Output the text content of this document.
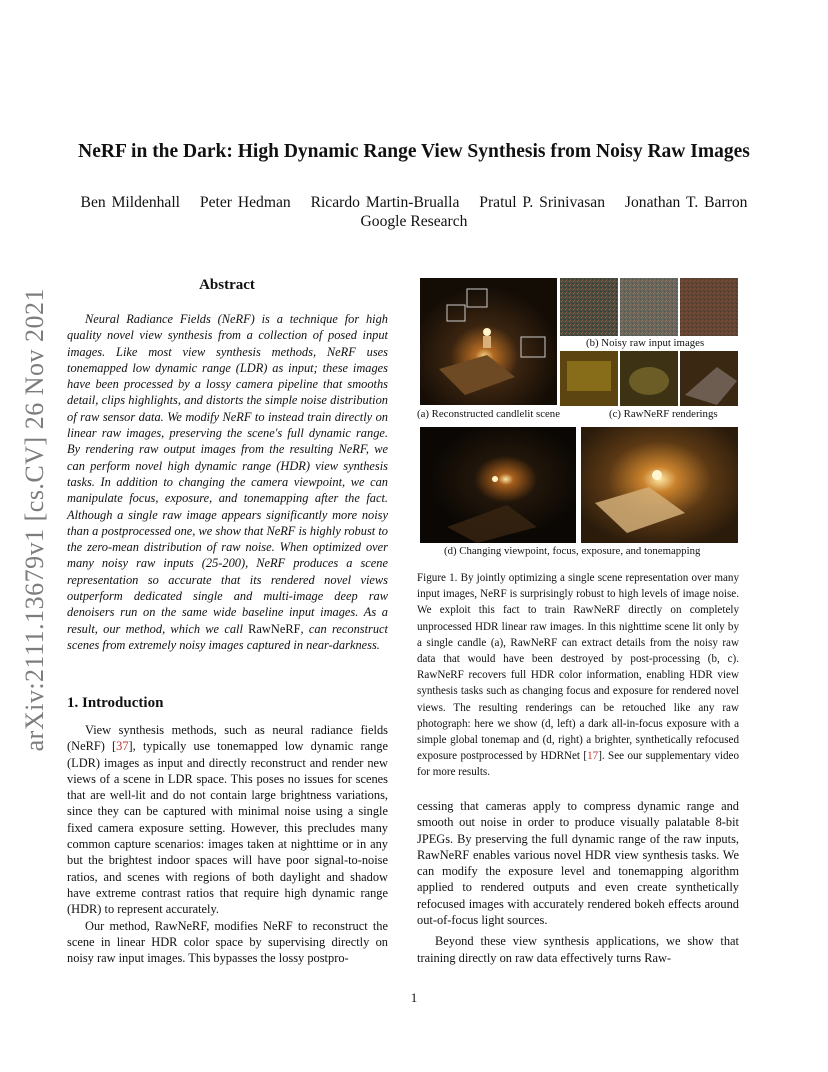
arXiv:2111.13679v1 [cs.CV] 26 Nov 2021
NeRF in the Dark: High Dynamic Range View Synthesis from Noisy Raw Images
Ben Mildenhall Peter Hedman Ricardo Martin-Brualla Pratul P. Srinivasan Jonathan T. Barron
Google Research
Abstract

Neural Radiance Fields (NeRF) is a technique for high quality novel view synthesis from a collection of posed input images. Like most view synthesis methods, NeRF uses tonemapped low dynamic range (LDR) as input; these images have been processed by a lossy camera pipeline that smooths detail, clips highlights, and distorts the simple noise distribution of raw sensor data. We modify NeRF to instead train directly on linear raw images, preserving the scene's full dynamic range. By rendering raw output images from the resulting NeRF, we can perform novel high dynamic range (HDR) view synthesis tasks. In addition to changing the camera viewpoint, we can manipulate focus, exposure, and tonemapping after the fact. Although a single raw image appears significantly more noisy than a postprocessed one, we show that NeRF is highly robust to the zero-mean distribution of raw noise. When optimized over many noisy raw inputs (25-200), NeRF produces a scene representation so accurate that its rendered novel views outperform dedicated single and multi-image deep raw denoisers run on the same wide baseline input images. As a result, our method, which we call RawNeRF, can reconstruct scenes from extremely noisy images captured in near-darkness.

1. Introduction

View synthesis methods, such as neural radiance fields (NeRF) [37], typically use tonemapped low dynamic range (LDR) images as input and directly reconstruct and render new views of a scene in LDR space. This poses no issues for scenes that are well-lit and do not contain large brightness variations, since they can be captured with minimal noise using a single fixed camera exposure setting. However, this precludes many common capture scenarios: images taken at nighttime or in any but the brightest indoor spaces will have poor signal-to-noise ratios, and scenes with regions of both daylight and shadow have extreme contrast ratios that require high dynamic range (HDR) to represent accurately.

Our method, RawNeRF, modifies NeRF to reconstruct the scene in linear HDR color space by supervising directly on noisy raw input images. This bypasses the lossy postpro-

(a) Reconstructed candlelit scene
(b) Noisy raw input images
(c) RawNeRF renderings
(d) Changing viewpoint, focus, exposure, and tonemapping

Figure 1. By jointly optimizing a single scene representation over many input images, NeRF is surprisingly robust to high levels of image noise. We exploit this fact to train RawNeRF directly on completely unprocessed HDR linear raw images. In this nighttime scene lit only by a single candle (a), RawNeRF can extract details from the noisy raw data that would have been destroyed by post-processing (b, c). RawNeRF recovers full HDR color information, enabling HDR view synthesis tasks such as changing focus and exposure for rendered novel views. The resulting renderings can be retouched like any raw photograph: here we show (d, left) a dark all-in-focus exposure with a simple global tonemap and (d, right) a brighter, synthetically refocused exposure postprocessed by HDRNet [17]. See our supplementary video for more results.

cessing that cameras apply to compress dynamic range and smooth out noise in order to produce visually palatable 8-bit JPEGs. By preserving the full dynamic range of the raw inputs, RawNeRF enables various novel HDR view synthesis tasks. We can modify the exposure level and tonemapping algorithm applied to rendered outputs and even create synthetically refocused images with accurately rendered bokeh effects around out-of-focus light sources.

Beyond these view synthesis applications, we show that training directly on raw data effectively turns Raw-

1
